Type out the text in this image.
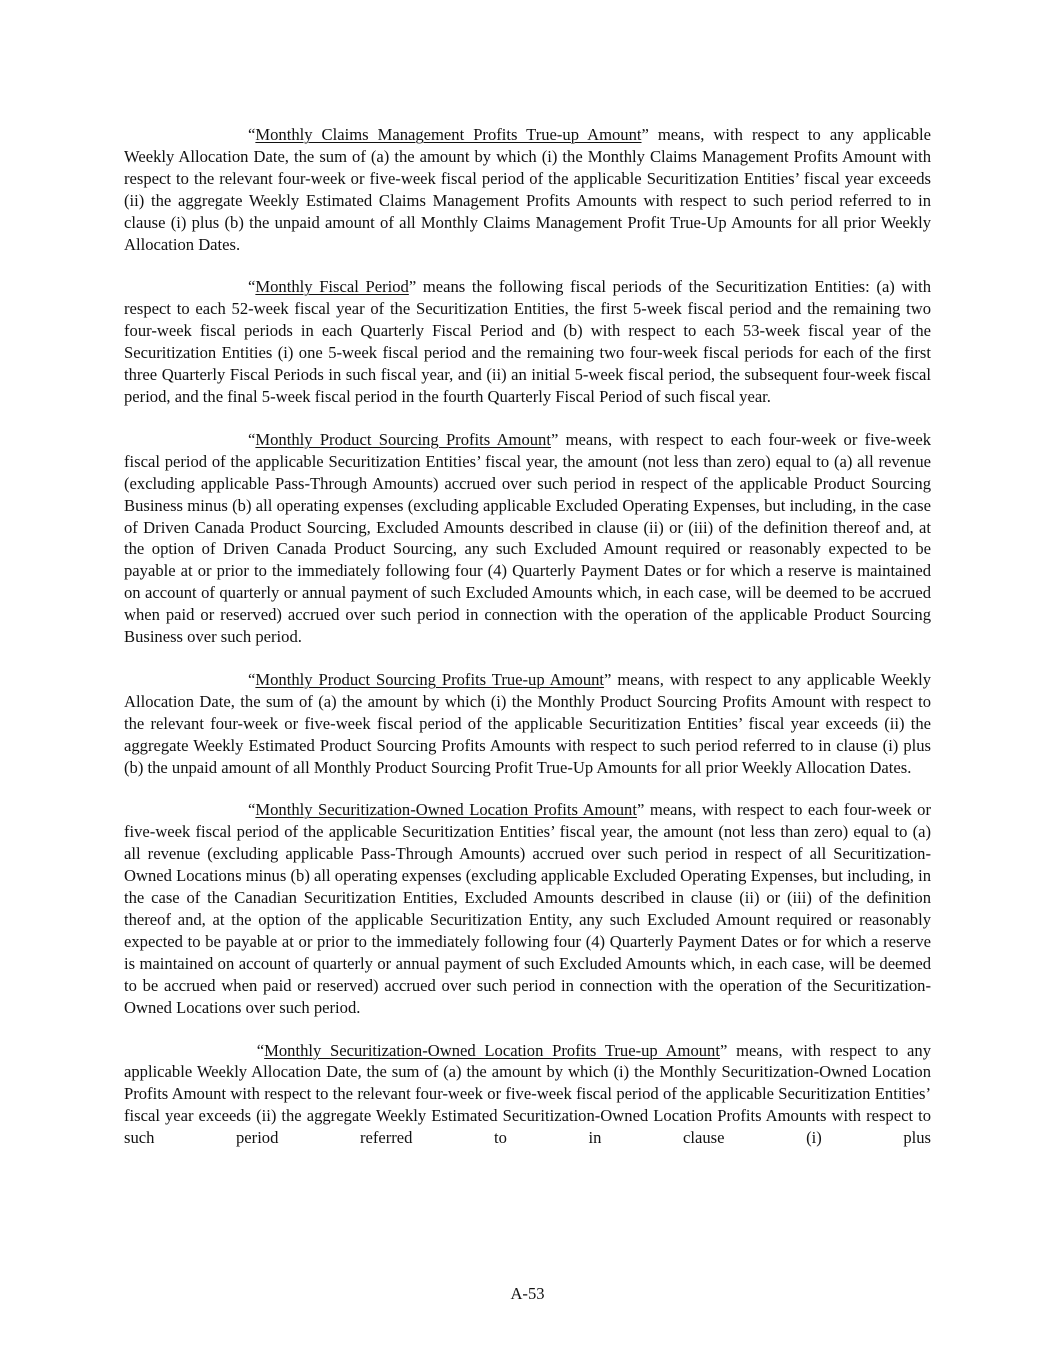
“Monthly Claims Management Profits True-up Amount” means, with respect to any applicable Weekly Allocation Date, the sum of (a) the amount by which (i) the Monthly Claims Management Profits Amount with respect to the relevant four-week or five-week fiscal period of the applicable Securitization Entities’ fiscal year exceeds (ii) the aggregate Weekly Estimated Claims Management Profits Amounts with respect to such period referred to in clause (i) plus (b) the unpaid amount of all Monthly Claims Management Profit True-Up Amounts for all prior Weekly Allocation Dates.

“Monthly Fiscal Period” means the following fiscal periods of the Securitization Entities: (a) with respect to each 52-week fiscal year of the Securitization Entities, the first 5-week fiscal period and the remaining two four-week fiscal periods in each Quarterly Fiscal Period and (b) with respect to each 53-week fiscal year of the Securitization Entities (i) one 5-week fiscal period and the remaining two four-week fiscal periods for each of the first three Quarterly Fiscal Periods in such fiscal year, and (ii) an initial 5-week fiscal period, the subsequent four-week fiscal period, and the final 5-week fiscal period in the fourth Quarterly Fiscal Period of such fiscal year.

“Monthly Product Sourcing Profits Amount” means, with respect to each four-week or five-week fiscal period of the applicable Securitization Entities’ fiscal year, the amount (not less than zero) equal to (a) all revenue (excluding applicable Pass-Through Amounts) accrued over such period in respect of the applicable Product Sourcing Business minus (b) all operating expenses (excluding applicable Excluded Operating Expenses, but including, in the case of Driven Canada Product Sourcing, Excluded Amounts described in clause (ii) or (iii) of the definition thereof and, at the option of Driven Canada Product Sourcing, any such Excluded Amount required or reasonably expected to be payable at or prior to the immediately following four (4) Quarterly Payment Dates or for which a reserve is maintained on account of quarterly or annual payment of such Excluded Amounts which, in each case, will be deemed to be accrued when paid or reserved) accrued over such period in connection with the operation of the applicable Product Sourcing Business over such period.

“Monthly Product Sourcing Profits True-up Amount” means, with respect to any applicable Weekly Allocation Date, the sum of (a) the amount by which (i) the Monthly Product Sourcing Profits Amount with respect to the relevant four-week or five-week fiscal period of the applicable Securitization Entities’ fiscal year exceeds (ii) the aggregate Weekly Estimated Product Sourcing Profits Amounts with respect to such period referred to in clause (i) plus (b) the unpaid amount of all Monthly Product Sourcing Profit True-Up Amounts for all prior Weekly Allocation Dates.

“Monthly Securitization-Owned Location Profits Amount” means, with respect to each four-week or five-week fiscal period of the applicable Securitization Entities’ fiscal year, the amount (not less than zero) equal to (a) all revenue (excluding applicable Pass-Through Amounts) accrued over such period in respect of all Securitization-Owned Locations minus (b) all operating expenses (excluding applicable Excluded Operating Expenses, but including, in the case of the Canadian Securitization Entities, Excluded Amounts described in clause (ii) or (iii) of the definition thereof and, at the option of the applicable Securitization Entity, any such Excluded Amount required or reasonably expected to be payable at or prior to the immediately following four (4) Quarterly Payment Dates or for which a reserve is maintained on account of quarterly or annual payment of such Excluded Amounts which, in each case, will be deemed to be accrued when paid or reserved) accrued over such period in connection with the operation of the Securitization-Owned Locations over such period.

“Monthly Securitization-Owned Location Profits True-up Amount” means, with respect to any applicable Weekly Allocation Date, the sum of (a) the amount by which (i) the Monthly Securitization-Owned Location Profits Amount with respect to the relevant four-week or five-week fiscal period of the applicable Securitization Entities’ fiscal year exceeds (ii) the aggregate Weekly Estimated Securitization-Owned Location Profits Amounts with respect to such period referred to in clause (i) plus

A-53
